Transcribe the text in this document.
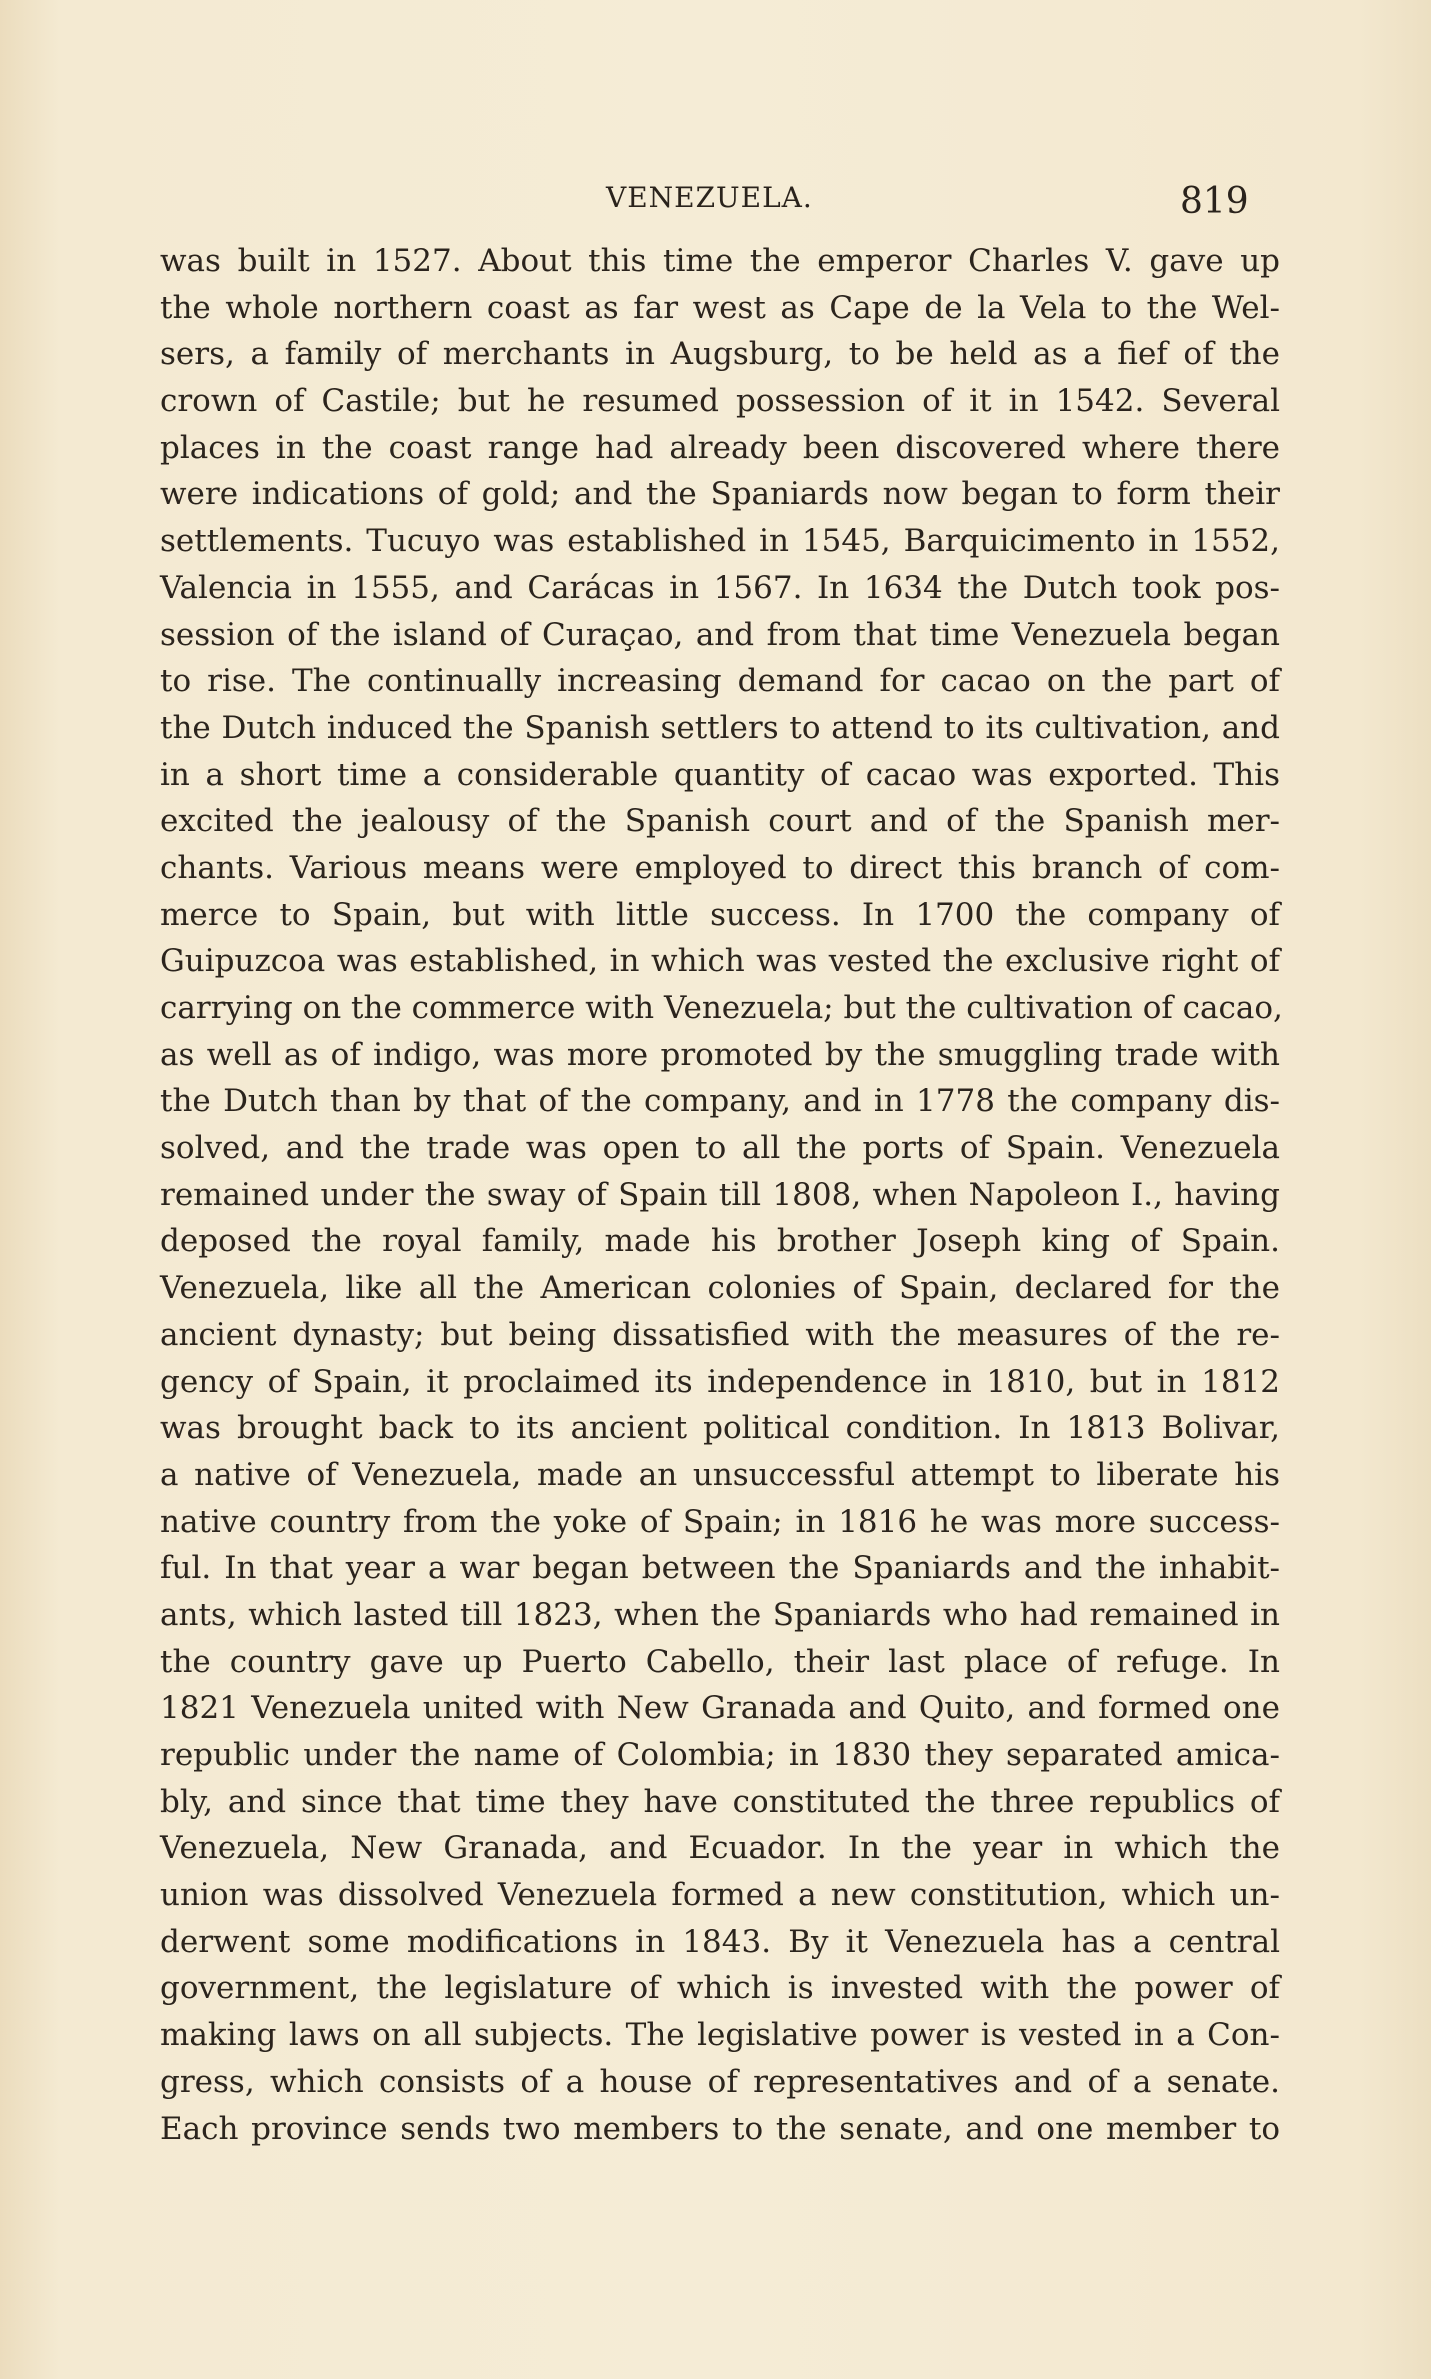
VENEZUELA.	819
was built in 1527. About this time the emperor Charles V. gave up
the whole northern coast as far west as Cape de la Vela to the Wel-
sers, a family of merchants in Augsburg, to be held as a fief of the
crown of Castile; but he resumed possession of it in 1542. Several
places in the coast range had already been discovered where there
were indications of gold; and the Spaniards now began to form their
settlements. Tucuyo was established in 1545, Barquicimento in 1552,
Valencia in 1555, and Carácas in 1567. In 1634 the Dutch took pos-
session of the island of Curaçao, and from that time Venezuela began
to rise. The continually increasing demand for cacao on the part of
the Dutch induced the Spanish settlers to attend to its cultivation, and
in a short time a considerable quantity of cacao was exported. This
excited the jealousy of the Spanish court and of the Spanish mer-
chants. Various means were employed to direct this branch of com-
merce to Spain, but with little success. In 1700 the company of
Guipuzcoa was established, in which was vested the exclusive right of
carrying on the commerce with Venezuela; but the cultivation of cacao,
as well as of indigo, was more promoted by the smuggling trade with
the Dutch than by that of the company, and in 1778 the company dis-
solved, and the trade was open to all the ports of Spain. Venezuela
remained under the sway of Spain till 1808, when Napoleon I., having
deposed the royal family, made his brother Joseph king of Spain.
Venezuela, like all the American colonies of Spain, declared for the
ancient dynasty; but being dissatisfied with the measures of the re-
gency of Spain, it proclaimed its independence in 1810, but in 1812
was brought back to its ancient political condition. In 1813 Bolivar,
a native of Venezuela, made an unsuccessful attempt to liberate his
native country from the yoke of Spain; in 1816 he was more success-
ful. In that year a war began between the Spaniards and the inhabit-
ants, which lasted till 1823, when the Spaniards who had remained in
the country gave up Puerto Cabello, their last place of refuge. In
1821 Venezuela united with New Granada and Quito, and formed one
republic under the name of Colombia; in 1830 they separated amica-
bly, and since that time they have constituted the three republics of
Venezuela, New Granada, and Ecuador. In the year in which the
union was dissolved Venezuela formed a new constitution, which un-
derwent some modifications in 1843. By it Venezuela has a central
government, the legislature of which is invested with the power of
making laws on all subjects. The legislative power is vested in a Con-
gress, which consists of a house of representatives and of a senate.
Each province sends two members to the senate, and one member to
